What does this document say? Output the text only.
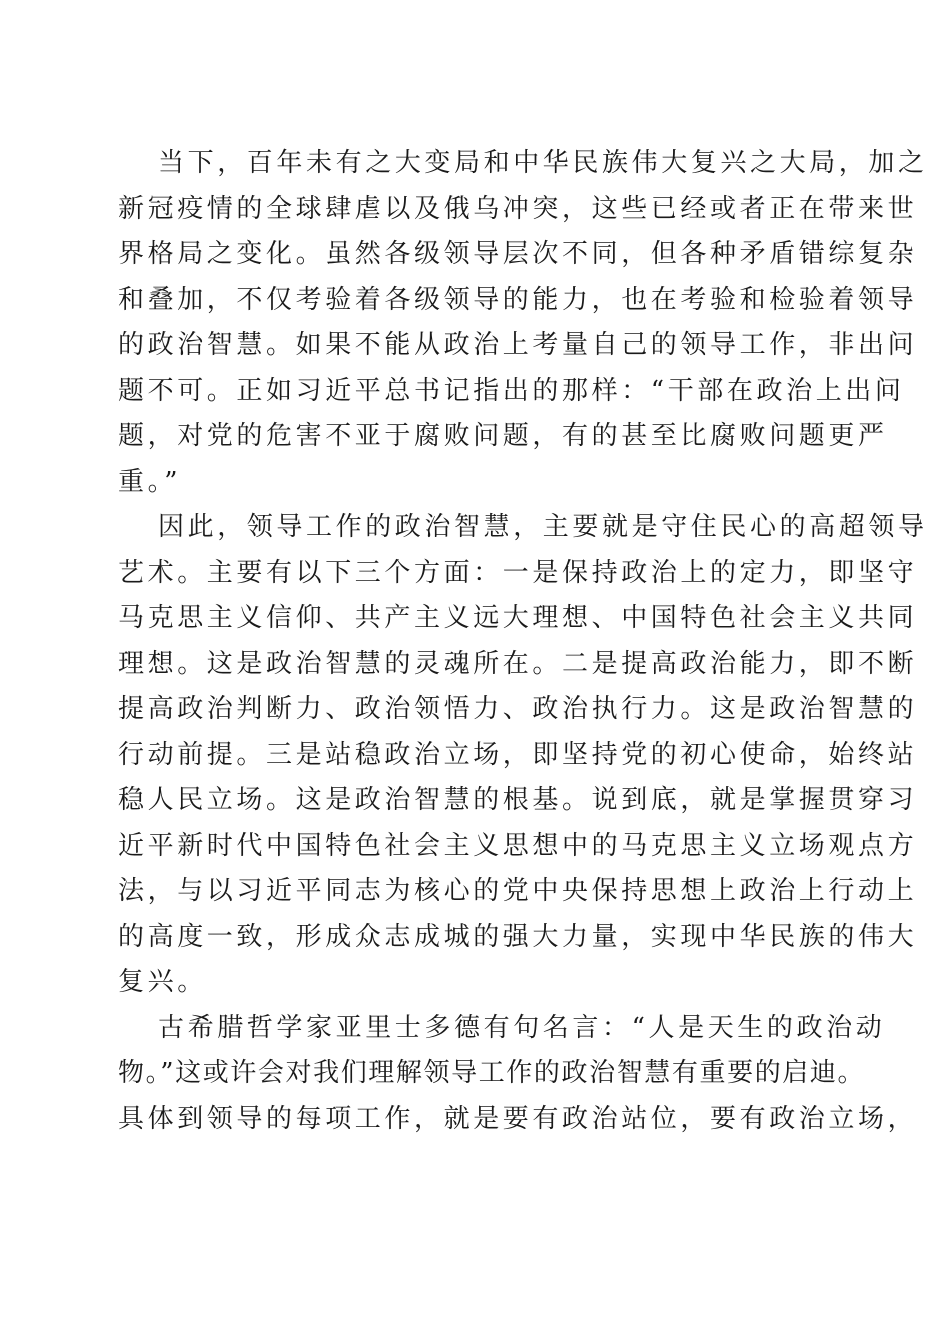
当下，百年未有之大变局和中华民族伟大复兴之大局，加之
新冠疫情的全球肆虐以及俄乌冲突，这些已经或者正在带来世
界格局之变化。虽然各级领导层次不同，但各种矛盾错综复杂
和叠加，不仅考验着各级领导的能力，也在考验和检验着领导
的政治智慧。如果不能从政治上考量自己的领导工作，非出问
题不可。正如习近平总书记指出的那样：“干部在政治上出问
题，对党的危害不亚于腐败问题，有的甚至比腐败问题更严
重。”
因此，领导工作的政治智慧，主要就是守住民心的高超领导
艺术。主要有以下三个方面：一是保持政治上的定力，即坚守
马克思主义信仰、共产主义远大理想、中国特色社会主义共同
理想。这是政治智慧的灵魂所在。二是提高政治能力，即不断
提高政治判断力、政治领悟力、政治执行力。这是政治智慧的
行动前提。三是站稳政治立场，即坚持党的初心使命，始终站
稳人民立场。这是政治智慧的根基。说到底，就是掌握贯穿习
近平新时代中国特色社会主义思想中的马克思主义立场观点方
法，与以习近平同志为核心的党中央保持思想上政治上行动上
的高度一致，形成众志成城的强大力量，实现中华民族的伟大
复兴。
古希腊哲学家亚里士多德有句名言：“人是天生的政治动
物。”这或许会对我们理解领导工作的政治智慧有重要的启迪。
具体到领导的每项工作，就是要有政治站位，要有政治立场，
